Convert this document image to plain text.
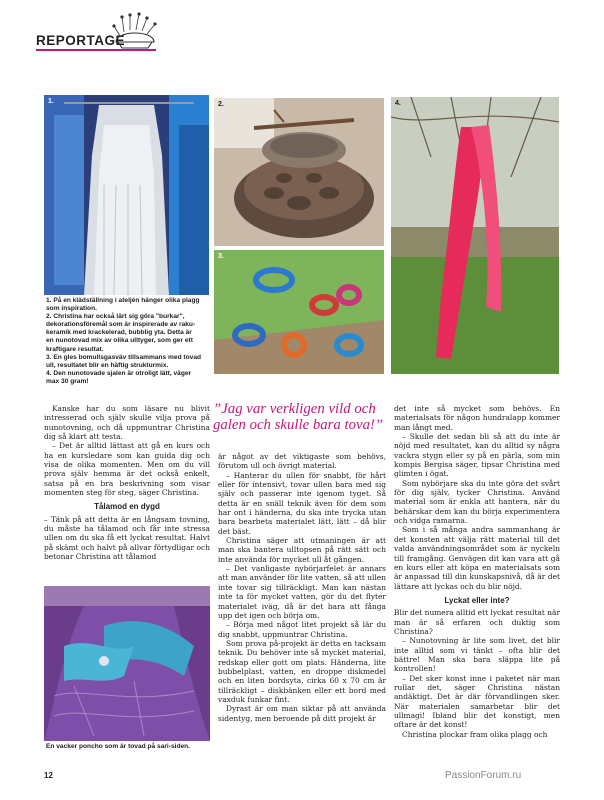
REPORTAGE
1.	2.
3.
4.
1. På en klädställning i ateljén hänger olika plagg
som inspiration.
2. Christina har också lärt sig göra "burkar",
dekorationsföremål som är inspirerade av raku-
keramik med krackelerad, bubblig yta. Detta är
en nunotovad mix av olika ulltyger, som ger ett
kraftigare resultat.
3. En gles bomullsgasväv tillsammans med tovad
ull, resultatet blir en häftig strukturmix.
4. Den nunotovade sjalen är otroligt lätt, väger
max 30 gram!

Kanske har du som läsare nu blivit intresserad och själv skulle vilja prova på nunotovning, och då uppmuntrar Christina dig så klart att testa.

– Det är alltid lättast att gå en kurs och ha en kursledare som kan guida dig och visa de olika momenten. Men om du vill prova själv hemma är det också enkelt, satsa på en bra beskrivning som visar momenten steg för steg, säger Christina.

Tålamod en dygd

– Tänk på att detta är en långsam tovning, du måste ha tålamod och får inte stressa ullen om du ska få ett lyckat resultat. Halvt på skämt och halvt på allvar förtydligar och betonar Christina att tålamod

En vacker poncho som är tovad på sari-siden.
”Jag var verkligen vild och galen och skulle bara tova!”

är något av det viktigaste som behövs, förutom ull och övrigt material.

– Hanterar du ullen för snabbt, för hårt eller för intensivt, tovar ullen bara med sig själv och passerar inte igenom tyget. Så detta är en snäll teknik även för dem som har ont i händerna, du ska inte trycka utan bara bearbeta materialet lätt, lätt – då blir det bäst.

Christina säger att utmaningen är att man ska bantera ulltopsen på rätt sätt och inte använda för mycket ull åt gången.

– Det vanligaste nybörjarfelet är annars att man använder för lite vatten, så att ullen inte tovar sig tillräckligt. Man kan nästan inte ta för mycket vatten, gör du det flyter materialet iväg, då är det bara att fånga upp det igen och börja om.

– Börja med något litet projekt så lär du dig snabbt, uppmuntrar Christina.

Som prova på-projekt är detta en tacksam teknik. Du behöver inte så mycket material, redskap eller gott om plats. Händerna, lite bubbelplast, vatten, en droppe diskmedel och en liten bordsyta, cirka 60 x 70 cm är tillräckligt – diskbänken eller ett bord med vaxduk funkar fint.

Dyrast är om man siktar på att använda sidentyg, men beroende på ditt projekt är

det inte så mycket som behövs. En materialsats för någon hundralapp kommer man långt med.

– Skulle det sedan bli så att du inte är nöjd med resultatet, kan du alltid sy några vackra stygn eller sy på en pärla, som min kompis Bergisa säger, tipsar Christina med glimten i ögat.

Som nybörjare ska du inte göra det svårt för dig själv, tycker Christina. Använd material som är enkla att hantera, när du behärskar dem kan du börja experimentera och vidga ramarna.

Som i så många andra sammanhang är det konsten att välja rätt material till det valda användningsområdet som är nyckeln till framgång. Genvägen dit kan vara att gå en kurs eller att köpa en materialsats som är anpassad till din kunskapsnivå, då är det lättare att lyckas och du blir nöjd.

Lyckat eller inte?

Blir det numera alltid ett lyckat resultat när man är så erfaren och duktig som Christina?

– Nunotovning är lite som livet, det blir inte alltid som vi tänkt – ofta blir det bättre! Man ska bara släppa lite på kontrollen!

– Det sker konst inne i paketet när man rullar det, säger Christina nästan andäktigt. Det är där förvandlingen sker. När materialen samarbetar blir det ullmagi! Ibland blir det konstigt, men oftare är det konst!

Christina plockar fram olika plagg och

12	PassionForum.ru
